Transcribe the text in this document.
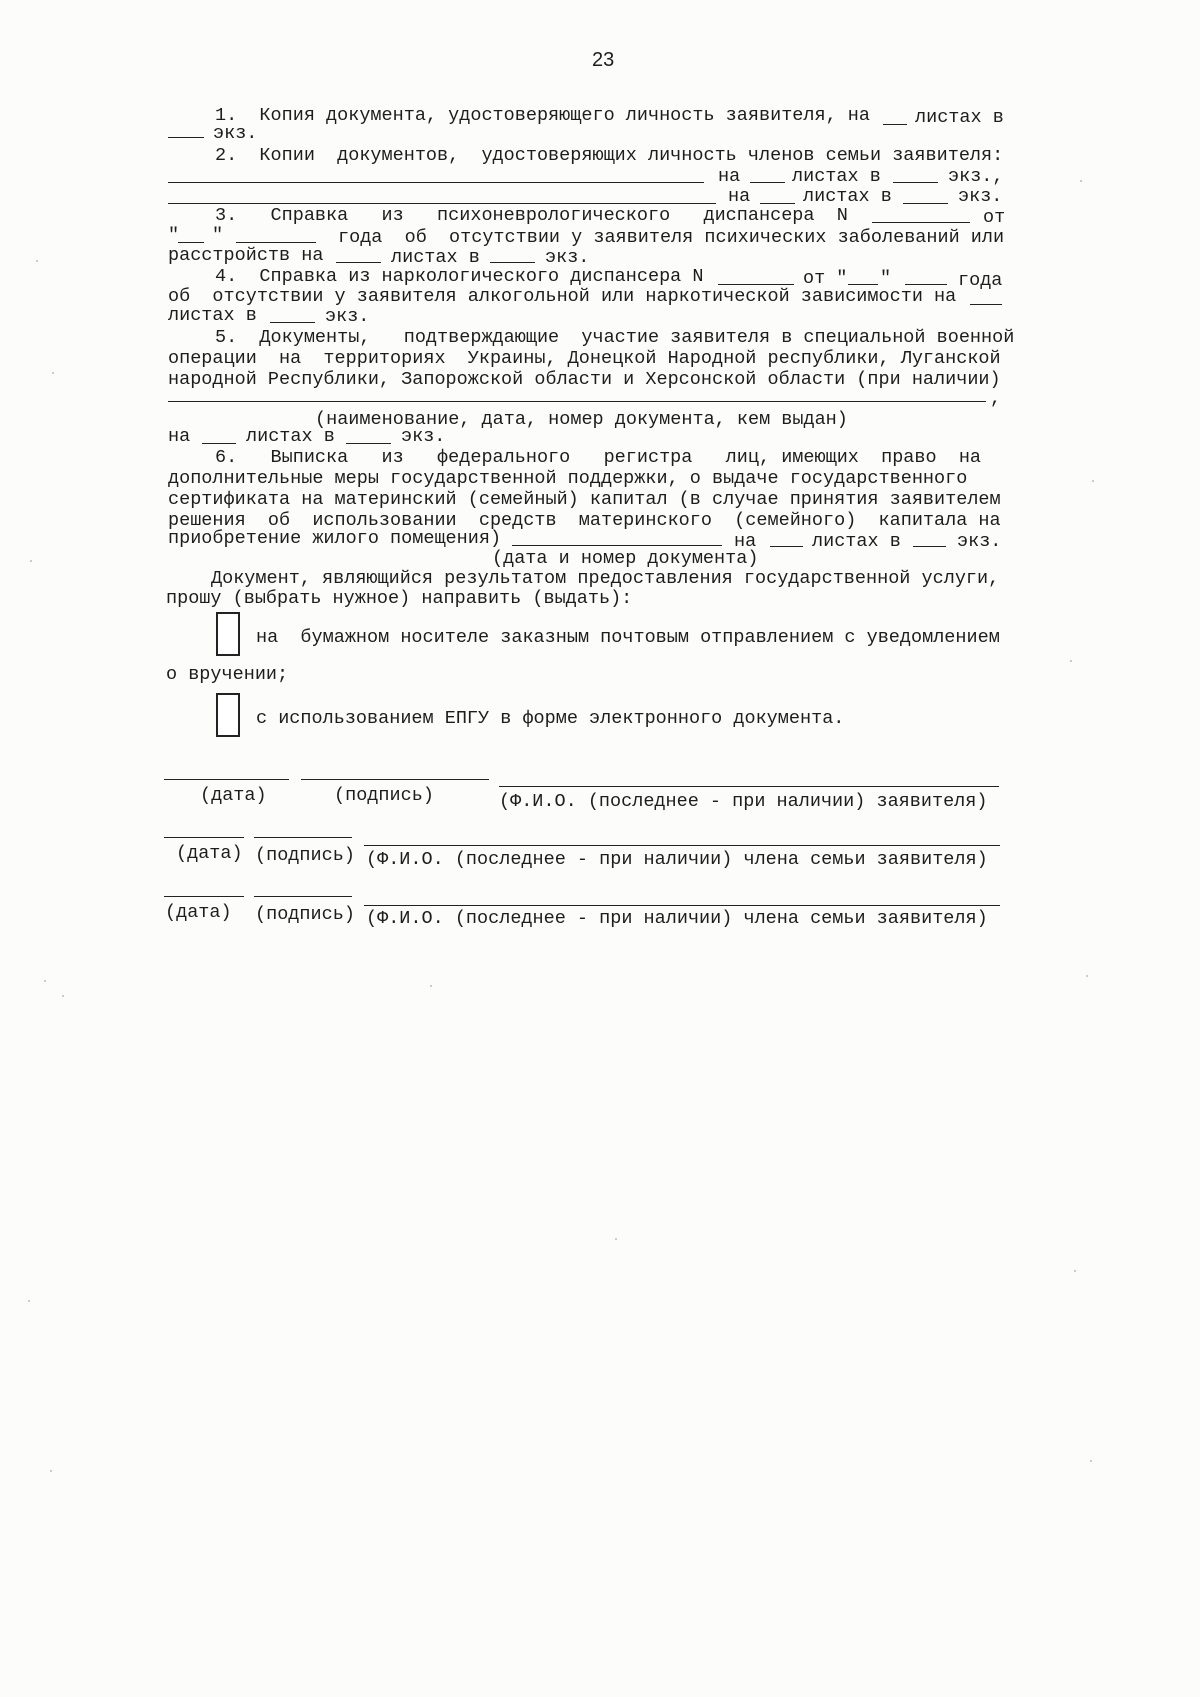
23
1.  Копия документа, удостоверяющего личность заявителя, на листах в
экз.
2.  Копии  документов,  удостоверяющих личность членов семьи заявителя:
на	листах в	экз.,
на	листах в	экз.
3.   Справка   из   психоневрологического   диспансера  N	от
" "	года  об  отсутствии у заявителя психических заболеваний или
расстройств на	листах в	экз.
4.  Справка из наркологического диспансера N	от " "	года
об  отсутствии у заявителя алкогольной или наркотической зависимости на
листах в	экз.
5.  Документы,   подтверждающие  участие заявителя в специальной военной
операции  на  территориях  Украины, Донецкой Народной республики, Луганской
народной Республики, Запорожской области и Херсонской области (при наличии)
,
(наименование, дата, номер документа, кем выдан)
на	листах в	экз.
6.   Выписка   из   федерального   регистра   лиц, имеющих  право  на
дополнительные меры государственной поддержки, о выдаче государственного
сертификата на материнский (семейный) капитал (в случае принятия заявителем
решения  об  использовании  средств  материнского  (семейного)  капитала на
приобретение жилого помещения)	на	листах в	экз.
(дата и номер документа)
Документ, являющийся результатом предоставления государственной услуги,
прошу (выбрать нужное) направить (выдать):
на  бумажном носителе заказным почтовым отправлением с уведомлением
о вручении;
с использованием ЕПГУ в форме электронного документа.
(дата)	(подпись)	(Ф.И.О. (последнее - при наличии) заявителя)
(дата) (подпись) (Ф.И.О. (последнее - при наличии) члена семьи заявителя)
(дата) (подпись) (Ф.И.О. (последнее - при наличии) члена семьи заявителя)
